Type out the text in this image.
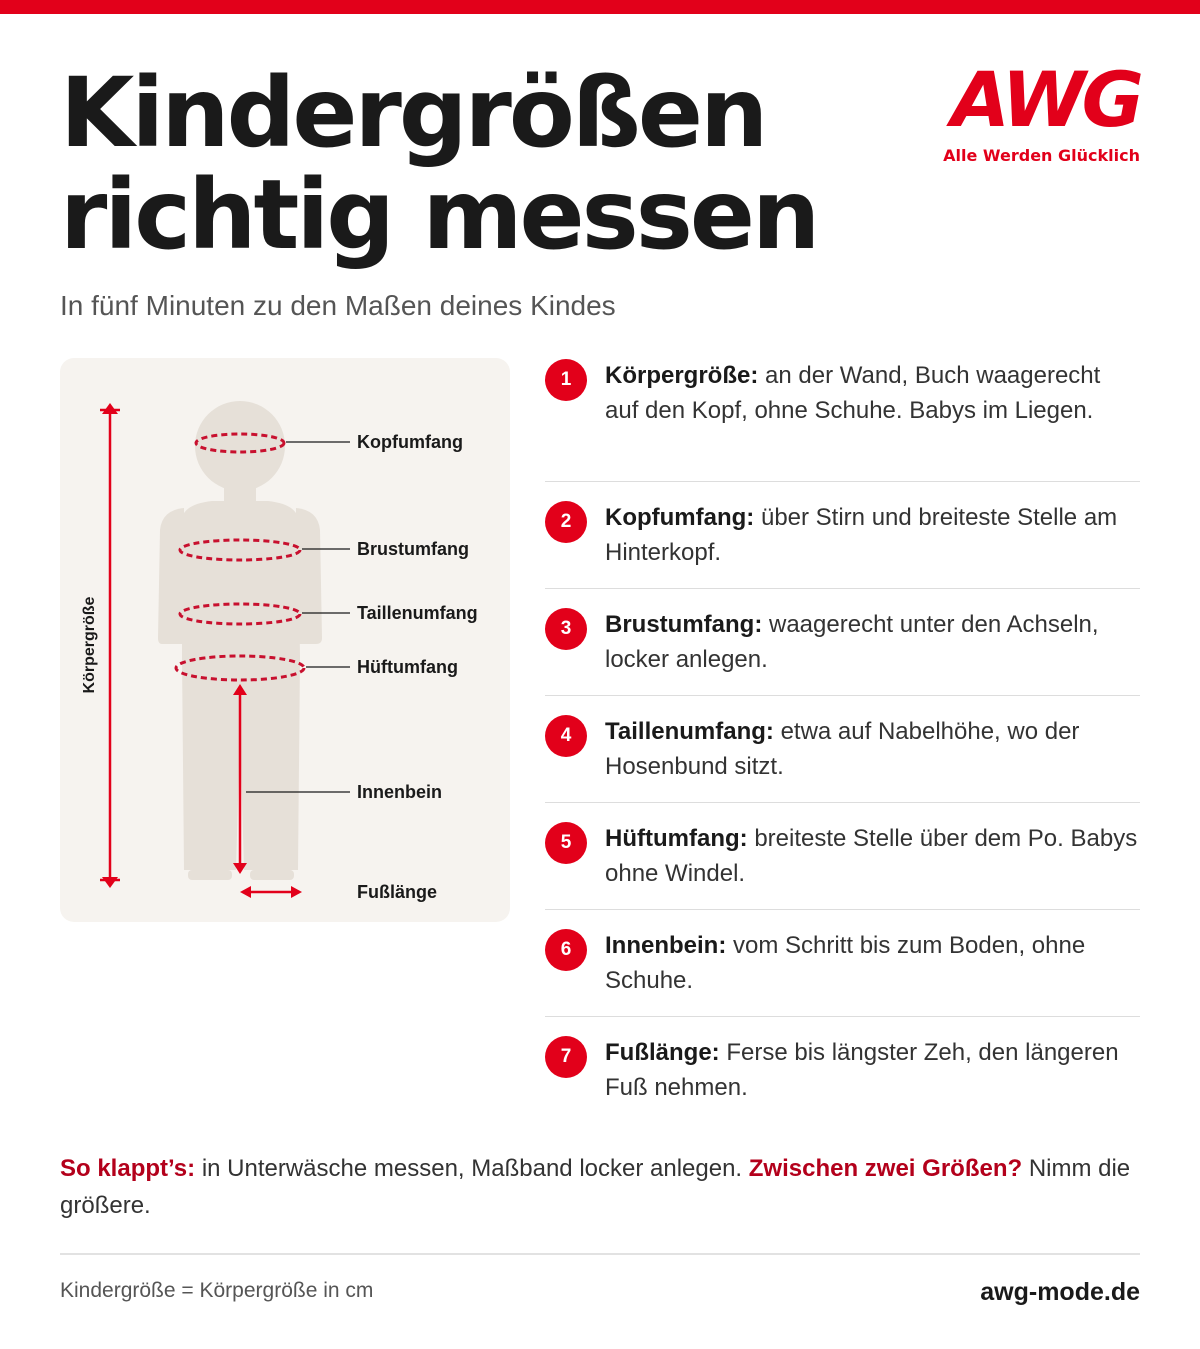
Kindergrößen
richtig messen
AWG
Alle Werden Glücklich
In fünf Minuten zu den Maßen deines Kindes
Körpergröße
Kopfumfang
Brustumfang
Taillenumfang
Hüftumfang
Innenbein
Fußlänge
1	Körpergröße: an der Wand, Buch waagerecht auf den Kopf, ohne Schuhe. Babys im Liegen.
2	Kopfumfang: über Stirn und breiteste Stelle am Hinterkopf.
3	Brustumfang: waagerecht unter den Achseln, locker anlegen.
4	Taillenumfang: etwa auf Nabelhöhe, wo der Hosenbund sitzt.
5	Hüftumfang: breiteste Stelle über dem Po. Babys ohne Windel.
6	Innenbein: vom Schritt bis zum Boden, ohne Schuhe.
7	Fußlänge: Ferse bis längster Zeh, den längeren Fuß nehmen.

So klappt’s: in Unterwäsche messen, Maßband locker anlegen. Zwischen zwei Größen? Nimm die größere.

Kindergröße = Körpergröße in cm	awg-mode.de
